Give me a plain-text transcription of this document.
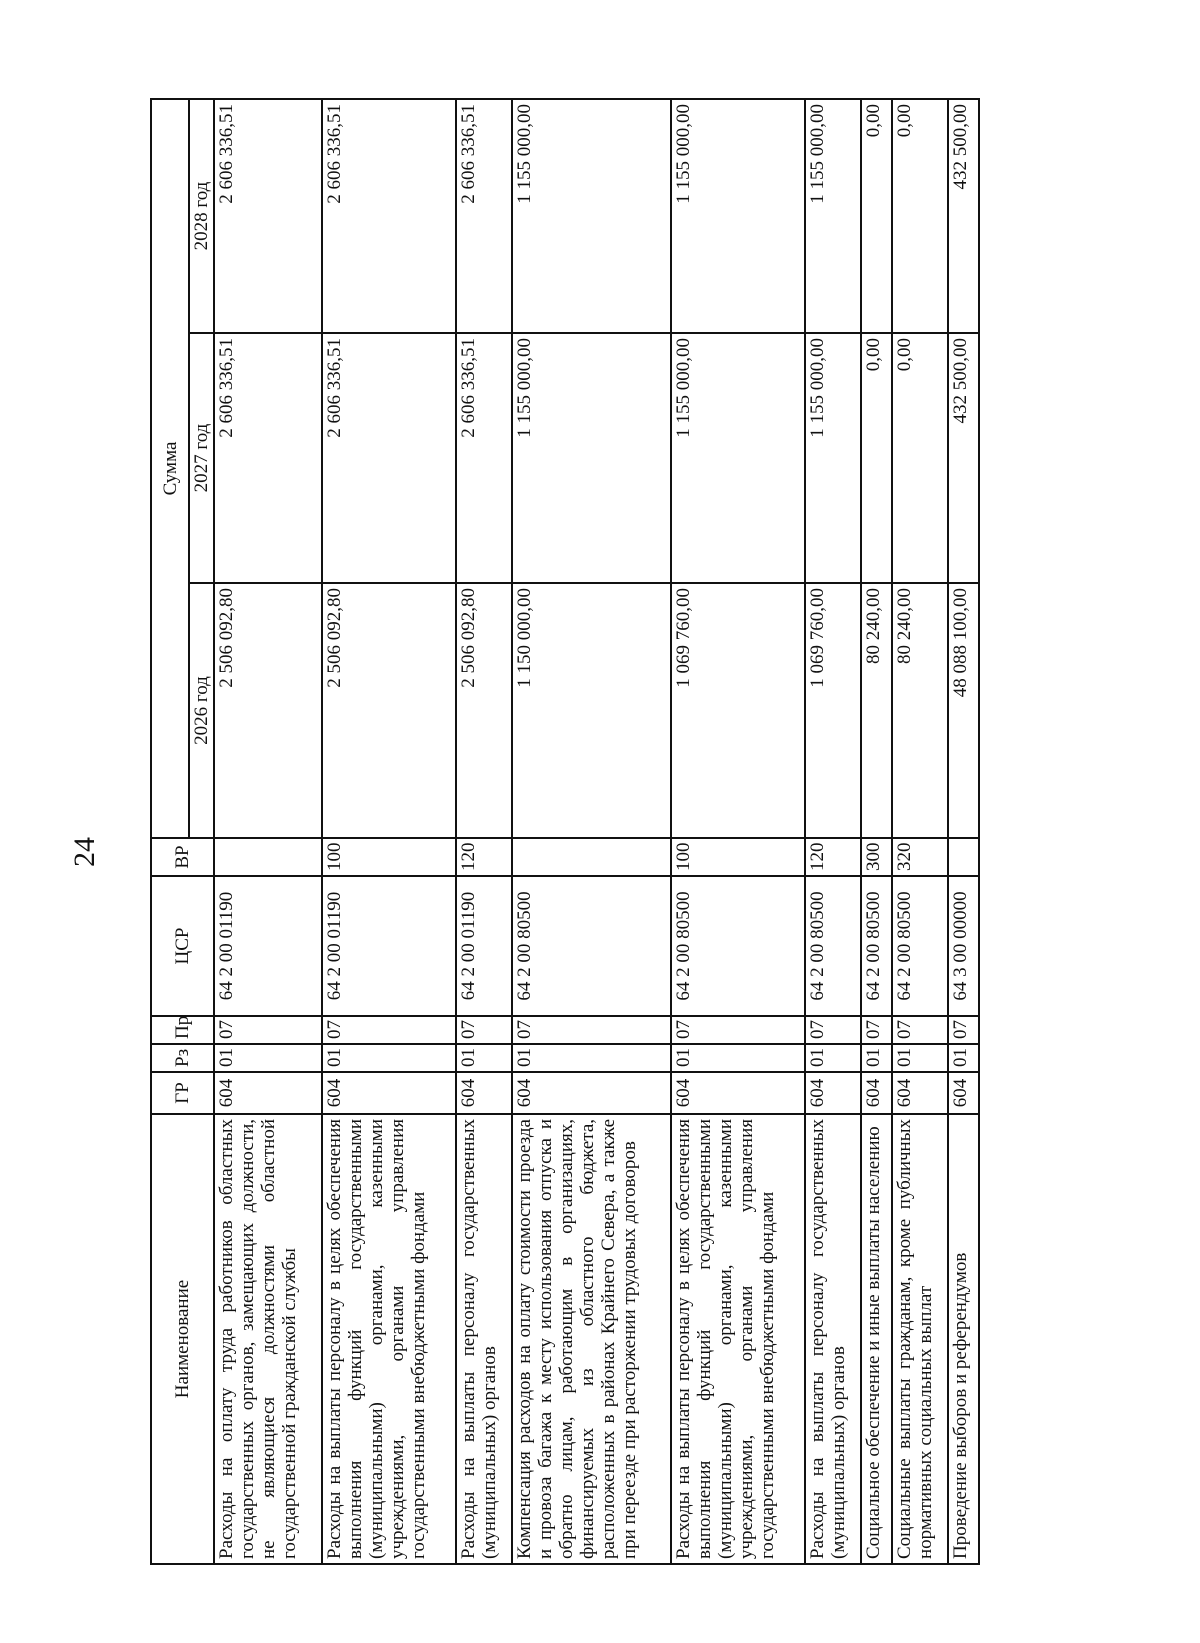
24
Наименование	ГР	Рз	Пр	ЦСР	ВР	Сумма		
						2026 год	2027 год	2028 год
Расходы на оплату труда работников областных государственных органов, замещающих должности, не являющиеся должностями областной государственной гражданской службы	604	01	07	64 2 00 01190		2 506 092,80	2 606 336,51	2 606 336,51
Расходы на выплаты персоналу в целях обеспечения выполнения функций государственными (муниципальными) органами, казенными учреждениями, органами управления государственными внебюджетными фондами	604	01	07	64 2 00 01190	100	2 506 092,80	2 606 336,51	2 606 336,51
Расходы на выплаты персоналу государственных (муниципальных) органов	604	01	07	64 2 00 01190	120	2 506 092,80	2 606 336,51	2 606 336,51
Компенсация расходов на оплату стоимости проезда и провоза багажа к месту использования отпуска и обратно лицам, работающим в организациях, финансируемых из областного бюджета, расположенных в районах Крайнего Севера, а также при переезде при расторжении трудовых договоров	604	01	07	64 2 00 80500		1 150 000,00	1 155 000,00	1 155 000,00
Расходы на выплаты персоналу в целях обеспечения выполнения функций государственными (муниципальными) органами, казенными учреждениями, органами управления государственными внебюджетными фондами	604	01	07	64 2 00 80500	100	1 069 760,00	1 155 000,00	1 155 000,00
Расходы на выплаты персоналу государственных (муниципальных) органов	604	01	07	64 2 00 80500	120	1 069 760,00	1 155 000,00	1 155 000,00
Социальное обеспечение и иные выплаты населению	604	01	07	64 2 00 80500	300	80 240,00	0,00	0,00
Социальные выплаты гражданам, кроме публичных нормативных социальных выплат	604	01	07	64 2 00 80500	320	80 240,00	0,00	0,00
Проведение выборов и референдумов	604	01	07	64 3 00 00000		48 088 100,00	432 500,00	432 500,00
